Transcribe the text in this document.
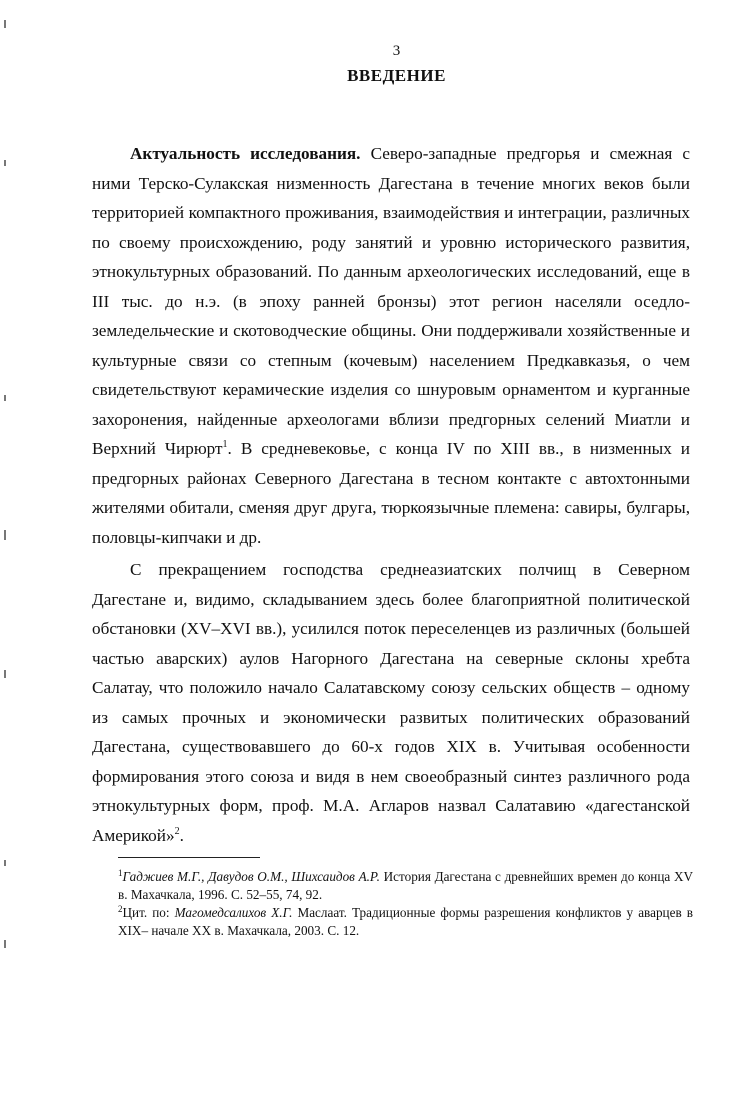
3
ВВЕДЕНИЕ

Актуальность исследования. Северо-западные предгорья и смежная с ними Терско-Сулакская низменность Дагестана в течение многих веков были территорией компактного проживания, взаимодействия и интеграции, различных по своему происхождению, роду занятий и уровню исторического развития, этнокультурных образований. По данным археологических исследований, еще в III тыс. до н.э. (в эпоху ранней бронзы) этот регион населяли оседло-земледельческие и скотоводческие общины. Они поддерживали хозяйственные и культурные связи со степным (кочевым) населением Предкавказья, о чем свидетельствуют керамические изделия со шнуровым орнаментом и курганные захоронения, найденные археологами вблизи предгорных селений Миатли и Верхний Чирюрт$^1$. В средневековье, с конца IV по XIII вв., в низменных и предгорных районах Северного Дагестана в тесном контакте с автохтонными жителями обитали, сменяя друг друга, тюркоязычные племена: савиры, булгары, половцы-кипчаки и др.

С прекращением господства среднеазиатских полчищ в Северном Дагестане и, видимо, складыванием здесь более благоприятной политической обстановки (XV–XVI вв.), усилился поток переселенцев из различных (большей частью аварских) аулов Нагорного Дагестана на северные склоны хребта Салатау, что положило начало Салатавскому союзу сельских обществ – одному из самых прочных и экономически развитых политических образований Дагестана, существовавшего до 60-х годов XIX в. Учитывая особенности формирования этого союза и видя в нем своеобразный синтез различного рода этнокультурных форм, проф. М.А. Агларов назвал Салатавию «дагестанской Америкой»$^2$.

$^1$Гаджиев М.Г., Давудов О.М., Шихсаидов А.Р. История Дагестана с древнейших времен до конца XV в. Махачкала, 1996. С. 52–55, 74, 92.

$^2$Цит. по: Магомедсалихов Х.Г. Маслаат. Традиционные формы разрешения конфликтов у аварцев в XIX– начале XX в. Махачкала, 2003. С. 12.
